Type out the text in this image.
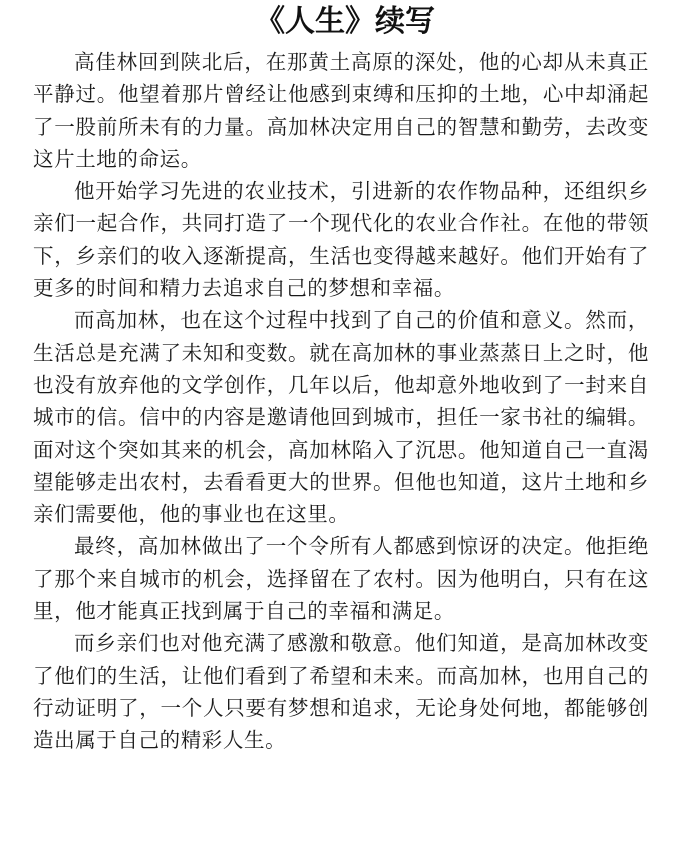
《人生》续写

高佳林回到陕北后，在那黄土高原的深处，他的心却从未真正平静过。他望着那片曾经让他感到束缚和压抑的土地，心中却涌起了一股前所未有的力量。高加林决定用自己的智慧和勤劳，去改变这片土地的命运。

他开始学习先进的农业技术，引进新的农作物品种，还组织乡亲们一起合作，共同打造了一个现代化的农业合作社。在他的带领下，乡亲们的收入逐渐提高，生活也变得越来越好。他们开始有了更多的时间和精力去追求自己的梦想和幸福。

而高加林，也在这个过程中找到了自己的价值和意义。然而，生活总是充满了未知和变数。就在高加林的事业蒸蒸日上之时，他也没有放弃他的文学创作，几年以后，他却意外地收到了一封来自城市的信。信中的内容是邀请他回到城市，担任一家书社的编辑。面对这个突如其来的机会，高加林陷入了沉思。他知道自己一直渴望能够走出农村，去看看更大的世界。但他也知道，这片土地和乡亲们需要他，他的事业也在这里。

最终，高加林做出了一个令所有人都感到惊讶的决定。他拒绝了那个来自城市的机会，选择留在了农村。因为他明白，只有在这里，他才能真正找到属于自己的幸福和满足。

而乡亲们也对他充满了感激和敬意。他们知道，是高加林改变了他们的生活，让他们看到了希望和未来。而高加林，也用自己的行动证明了，一个人只要有梦想和追求，无论身处何地，都能够创造出属于自己的精彩人生。
